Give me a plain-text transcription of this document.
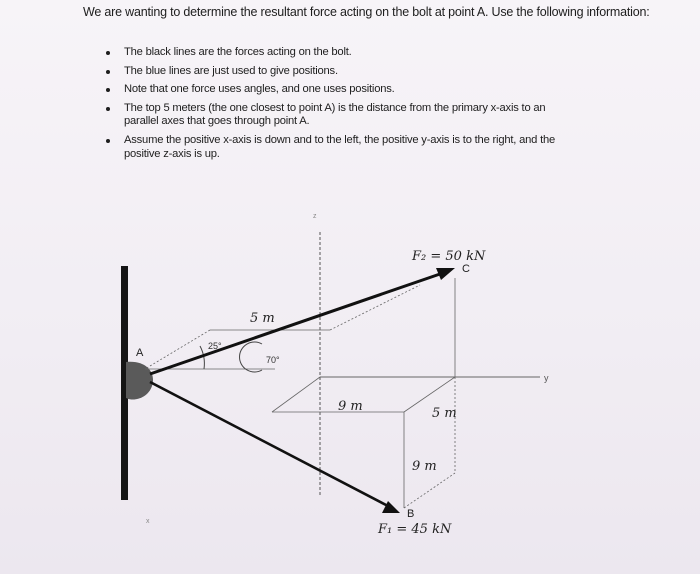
We are wanting to determine the resultant force acting on the bolt at point A. Use the following information:
The black lines are the forces acting on the bolt.
The blue lines are just used to give positions.
Note that one force uses angles, and one uses positions.
The top 5 meters (the one closest to point A) is the distance from the primary x-axis to an parallel axes that goes through point A.
Assume the positive x-axis is down and to the left, the positive y-axis is to the right, and the positive z-axis is up.
A
B
C
F₂ = 50 kN
F₁ = 45 kN
5 m
9 m	5 m
9 m
25°
70°
z
y
x
